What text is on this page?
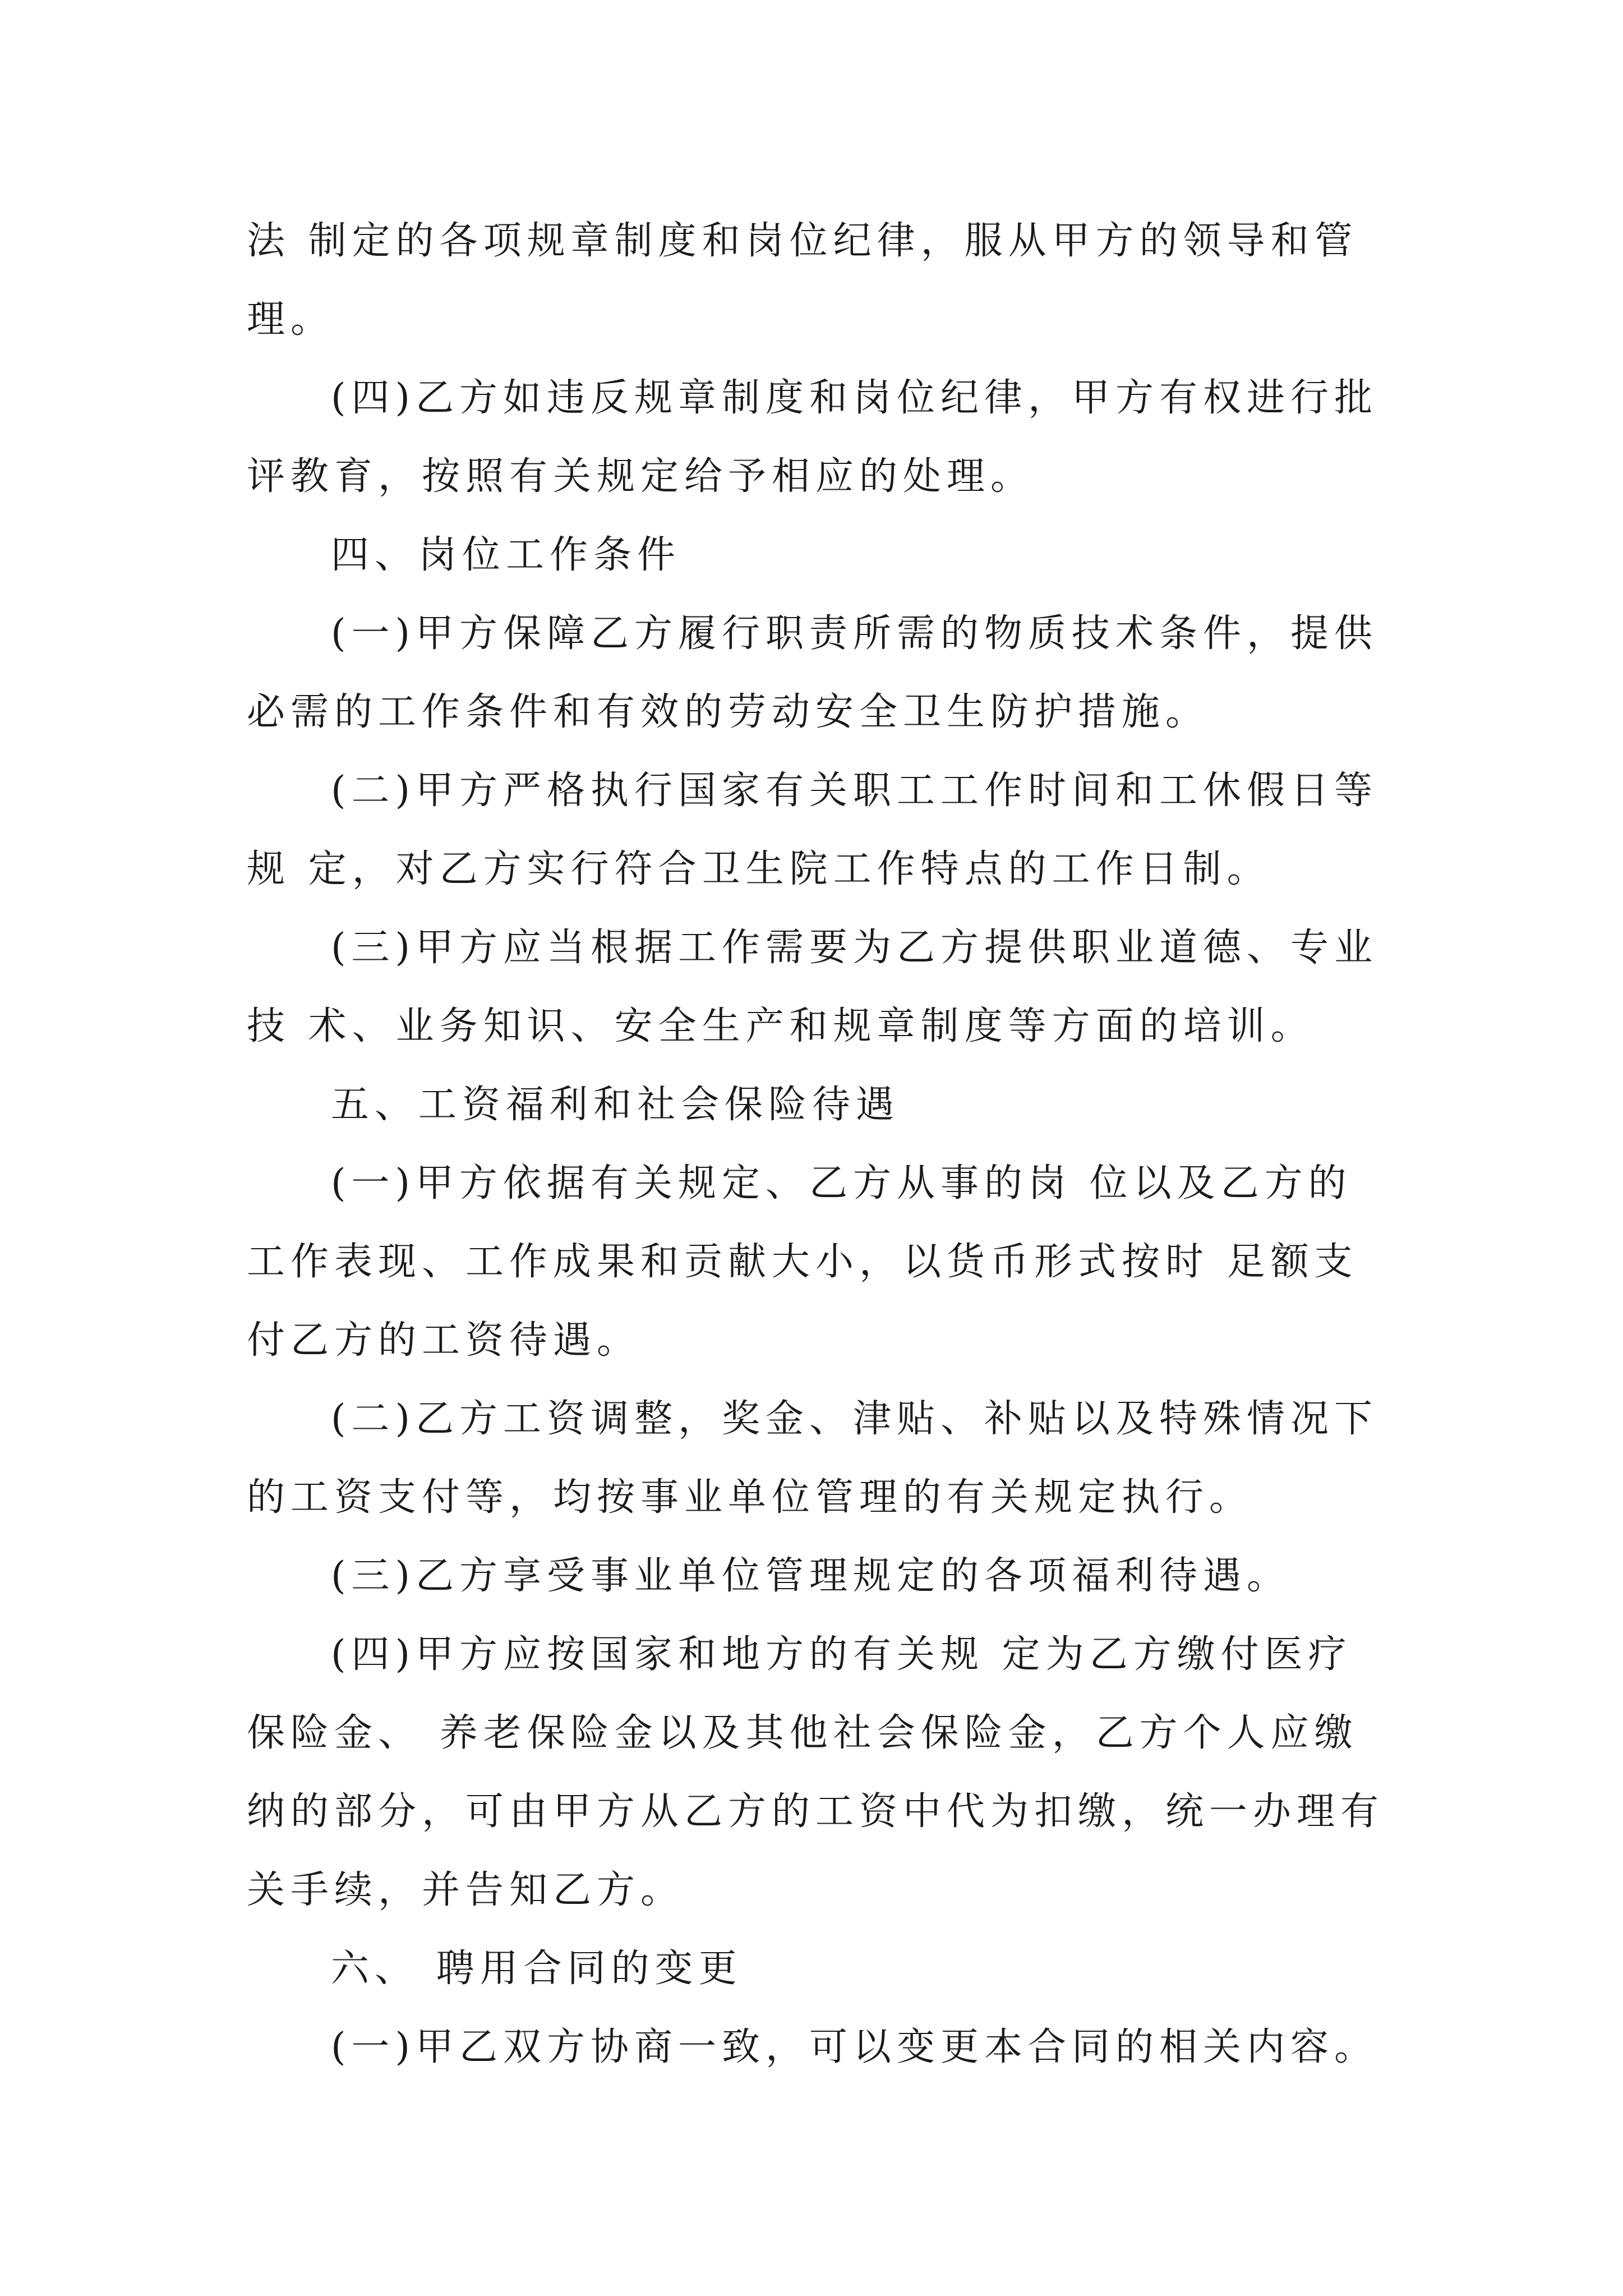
法 制定的各项规章制度和岗位纪律，服从甲方的领导和管
理。
(四)乙方如违反规章制度和岗位纪律，甲方有权进行批
评教育，按照有关规定给予相应的处理。
四、岗位工作条件
(一)甲方保障乙方履行职责所需的物质技术条件，提供
必需的工作条件和有效的劳动安全卫生防护措施。
(二)甲方严格执行国家有关职工工作时间和工休假日等
规 定，对乙方实行符合卫生院工作特点的工作日制。
(三)甲方应当根据工作需要为乙方提供职业道德、专业
技 术、业务知识、安全生产和规章制度等方面的培训。
五、工资福利和社会保险待遇
(一)甲方依据有关规定、乙方从事的岗 位以及乙方的
工作表现、工作成果和贡献大小，以货币形式按时 足额支
付乙方的工资待遇。
(二)乙方工资调整，奖金、津贴、补贴以及特殊情况下
的工资支付等，均按事业单位管理的有关规定执行。
(三)乙方享受事业单位管理规定的各项福利待遇。
(四)甲方应按国家和地方的有关规 定为乙方缴付医疗
保险金、 养老保险金以及其他社会保险金，乙方个人应缴
纳的部分，可由甲方从乙方的工资中代为扣缴，统一办理有
关手续，并告知乙方。
六、 聘用合同的变更
(一)甲乙双方协商一致，可以变更本合同的相关内容。
